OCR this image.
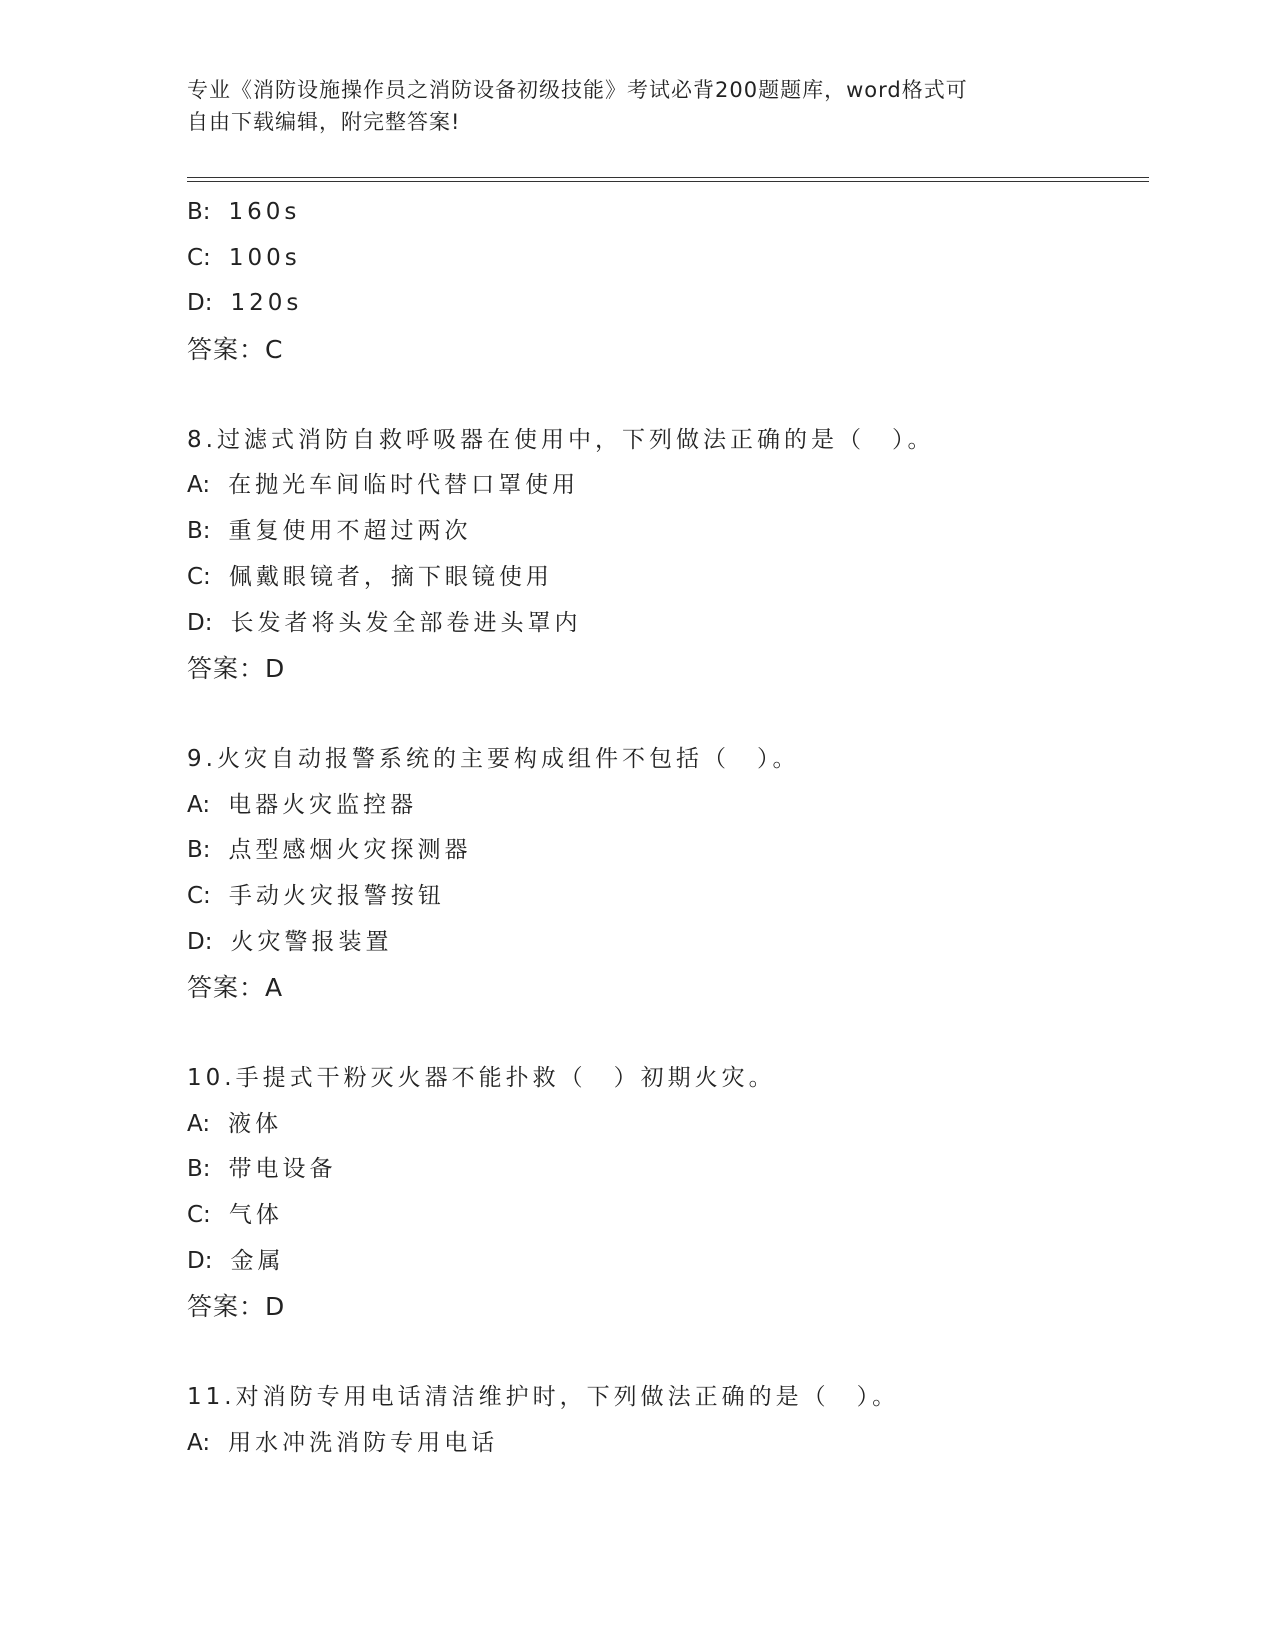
专业《消防设施操作员之消防设备初级技能》考试必背200题题库，word格式可
自由下载编辑，附完整答案!
B: 160s
C: 100s
D: 120s
答案：C
8.过滤式消防自救呼吸器在使用中，下列做法正确的是（　）。
A: 在抛光车间临时代替口罩使用
B: 重复使用不超过两次
C: 佩戴眼镜者，摘下眼镜使用
D: 长发者将头发全部卷进头罩内
答案：D
9.火灾自动报警系统的主要构成组件不包括（　）。
A: 电器火灾监控器
B: 点型感烟火灾探测器
C: 手动火灾报警按钮
D: 火灾警报装置
答案：A
10.手提式干粉灭火器不能扑救（　）初期火灾。
A: 液体
B: 带电设备
C: 气体
D: 金属
答案：D
11.对消防专用电话清洁维护时，下列做法正确的是（　）。
A: 用水冲洗消防专用电话
